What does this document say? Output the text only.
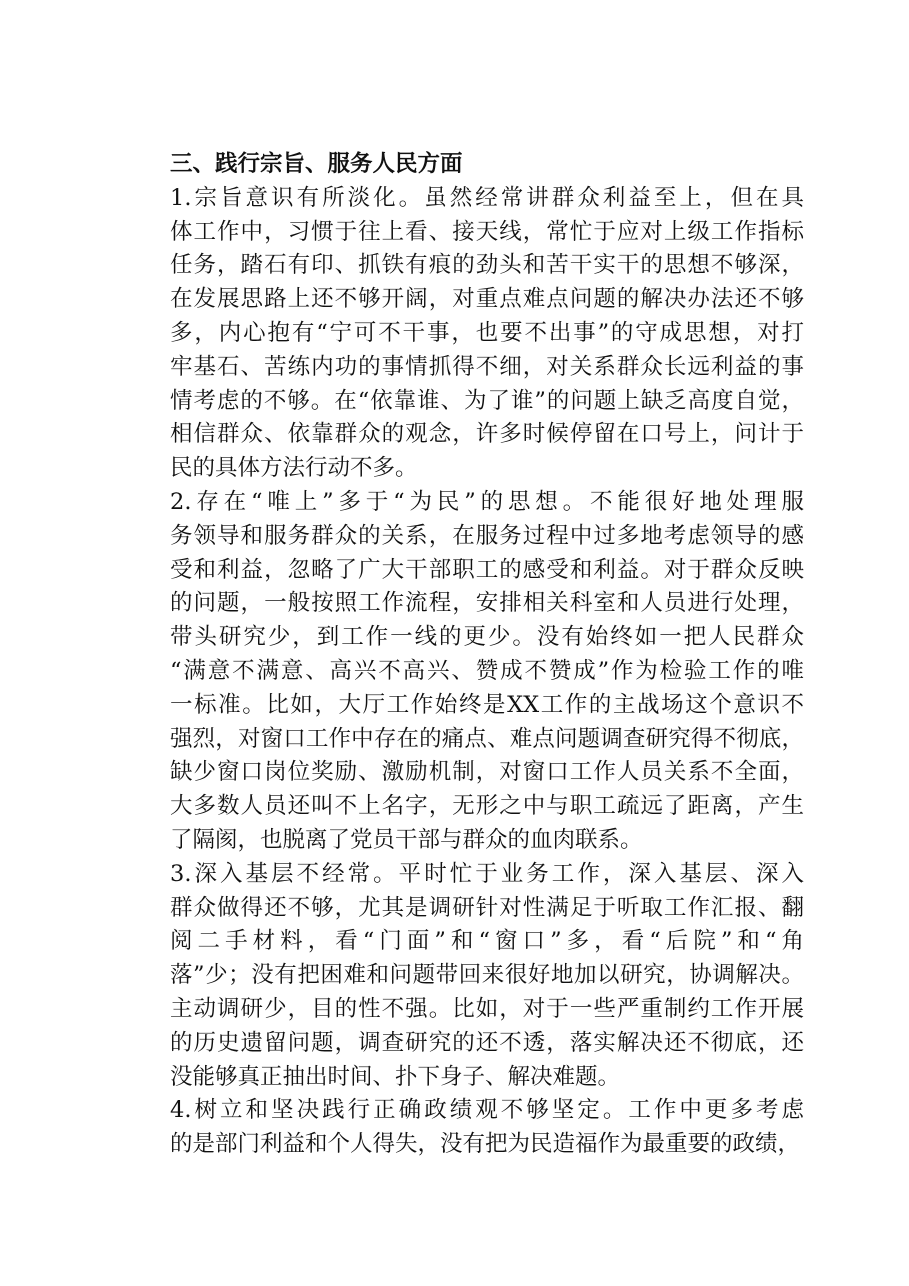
三、践行宗旨、服务人民方面

1.宗旨意识有所淡化。虽然经常讲群众利益至上，但在具
体工作中，习惯于往上看、接天线，常忙于应对上级工作指标
任务，踏石有印、抓铁有痕的劲头和苦干实干的思想不够深，
在发展思路上还不够开阔，对重点难点问题的解决办法还不够
多，内心抱有“宁可不干事，也要不出事”的守成思想，对打
牢基石、苦练内功的事情抓得不细，对关系群众长远利益的事
情考虑的不够。在“依靠谁、为了谁”的问题上缺乏高度自觉，
相信群众、依靠群众的观念，许多时候停留在口号上，问计于
民的具体方法行动不多。

2.存在“唯上”多于“为民”的思想。不能很好地处理服
务领导和服务群众的关系，在服务过程中过多地考虑领导的感
受和利益，忽略了广大干部职工的感受和利益。对于群众反映
的问题，一般按照工作流程，安排相关科室和人员进行处理，
带头研究少，到工作一线的更少。没有始终如一把人民群众
“满意不满意、高兴不高兴、赞成不赞成”作为检验工作的唯
一标准。比如，大厅工作始终是XX工作的主战场这个意识不
强烈，对窗口工作中存在的痛点、难点问题调查研究得不彻底，
缺少窗口岗位奖励、激励机制，对窗口工作人员关系不全面，
大多数人员还叫不上名字，无形之中与职工疏远了距离，产生
了隔阂，也脱离了党员干部与群众的血肉联系。

3.深入基层不经常。平时忙于业务工作，深入基层、深入
群众做得还不够，尤其是调研针对性满足于听取工作汇报、翻
阅二手材料，看“门面”和“窗口”多，看“后院”和“角
落”少；没有把困难和问题带回来很好地加以研究，协调解决。
主动调研少，目的性不强。比如，对于一些严重制约工作开展
的历史遗留问题，调查研究的还不透，落实解决还不彻底，还
没能够真正抽出时间、扑下身子、解决难题。

4.树立和坚决践行正确政绩观不够坚定。工作中更多考虑
的是部门利益和个人得失，没有把为民造福作为最重要的政绩，
